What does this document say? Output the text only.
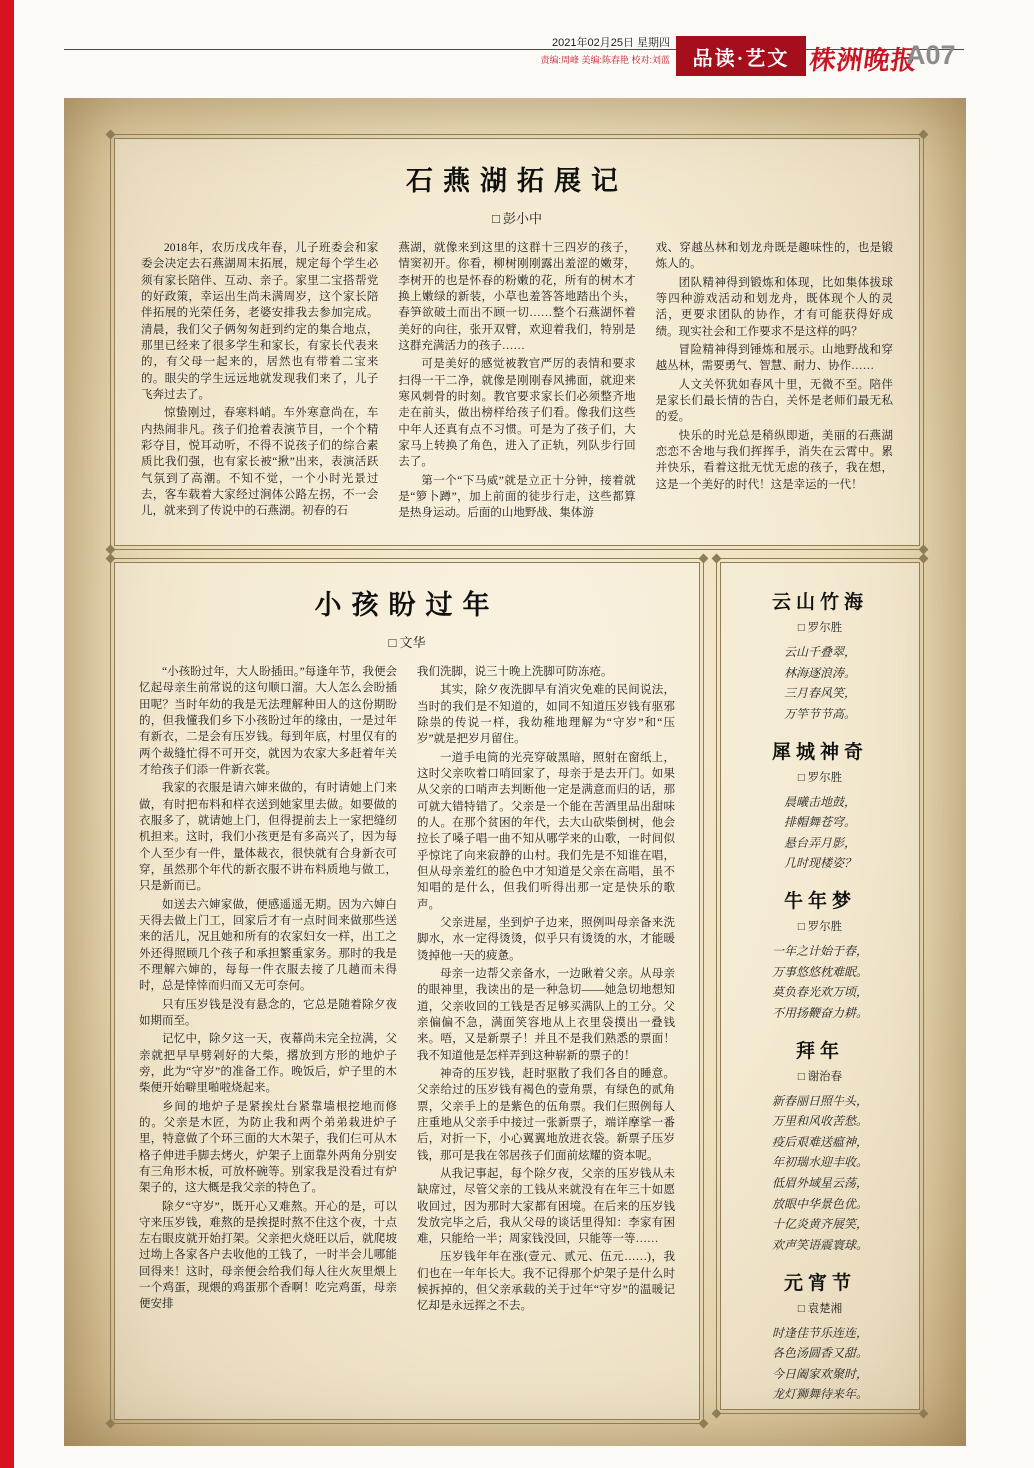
2021年02月25日 星期四
责编:周峰 美编:陈春艳 校对:刘蓝	品读·艺文 株洲晚报
A07
石燕湖拓展记
□ 彭小中

2018年，农历戊戌年春，儿子班委会和家委会决定去石燕湖周末拓展，规定每个学生必须有家长陪伴、互动、亲子。家里二宝搭帮党的好政策，幸运出生尚未满周岁，这个家长陪伴拓展的光荣任务，老婆安排我去参加完成。清晨，我们父子俩匆匆赶到约定的集合地点，那里已经来了很多学生和家长，有家长代表来的，有父母一起来的，居然也有带着二宝来的。眼尖的学生远远地就发现我们来了，儿子飞奔过去了。

惊蛰刚过，春寒料峭。车外寒意尚在，车内热闹非凡。孩子们抢着表演节目，一个个精彩夺目，悦耳动听，不得不说孩子们的综合素质比我们强，也有家长被“揪”出来，表演活跃气氛到了高潮。不知不觉，一个小时光景过去，客车载着大家经过涧体公路左拐，不一会儿，就来到了传说中的石燕湖。初春的石

燕湖，就像来到这里的这群十三四岁的孩子，情窦初开。你看，柳树刚刚露出羞涩的嫩芽，李树开的也是怀春的粉嫩的花，所有的树木才换上嫩绿的新装，小草也羞答答地踏出个头，春笋欲破土而出不顾一切……整个石燕湖怀着美好的向往，张开双臂，欢迎着我们，特别是这群充满活力的孩子……

可是美好的感觉被教官严厉的表情和要求扫得一干二净，就像是刚刚春风拂面，就迎来寒风刺骨的时刻。教官要求家长们必须整齐地走在前头，做出榜样给孩子们看。像我们这些中年人还真有点不习惯。可是为了孩子们，大家马上转换了角色，进入了正轨，列队步行回去了。

第一个“下马威”就是立正十分钟，接着就是“箩卜蹲”，加上前面的徒步行走，这些都算是热身运动。后面的山地野战、集体游

戏、穿越丛林和划龙舟既是趣味性的，也是锻炼人的。

团队精神得到锻炼和体现，比如集体拔球等四种游戏活动和划龙舟，既体现个人的灵活，更要求团队的协作，才有可能获得好成绩。现实社会和工作要求不是这样的吗？

冒险精神得到锤炼和展示。山地野战和穿越丛林，需要勇气、智慧、耐力、协作……

人文关怀犹如春风十里，无微不至。陪伴是家长们最长情的告白，关怀是老师们最无私的爱。

快乐的时光总是稍纵即逝，美丽的石燕湖恋恋不舍地与我们挥挥手，消失在云霄中。累并快乐，看着这批无忧无虑的孩子，我在想，这是一个美好的时代！这是幸运的一代！

小孩盼过年
□ 文华

“小孩盼过年，大人盼插田。”每逢年节，我便会忆起母亲生前常说的这句顺口溜。大人怎么会盼插田呢？当时年幼的我是无法理解种田人的这份期盼的，但我懂我们乡下小孩盼过年的缘由，一是过年有新衣，二是会有压岁钱。每到年底，村里仅有的两个裁缝忙得不可开交，就因为农家大多赶着年关才给孩子们添一件新衣裳。

我家的衣服是请六婶来做的，有时请她上门来做，有时把布料和样衣送到她家里去做。如要做的衣服多了，就请她上门，但得提前去上一家把缝纫机担来。这时，我们小孩更是有多高兴了，因为每个人至少有一件，量体裁衣，很快就有合身新衣可穿，虽然那个年代的新衣服不讲布料质地与做工，只是新而已。

如送去六婶家做，便感遥遥无期。因为六婶白天得去做上门工，回家后才有一点时间来做那些送来的活儿，况且她和所有的农家妇女一样，出工之外还得照顾几个孩子和承担繁重家务。那时的我是不理解六婶的，每每一件衣服去接了几趟而未得时，总是悻悻而归而又无可奈何。

只有压岁钱是没有悬念的，它总是随着除夕夜如期而至。

记忆中，除夕这一天，夜幕尚未完全拉满，父亲就把早早劈剁好的大柴，撂放到方形的地炉子旁，此为“守岁”的准备工作。晚饭后，炉子里的木柴便开始噼里啪啦烧起来。

乡间的地炉子是紧挨灶台紧靠墙根挖地而修的。父亲是木匠，为防止我和两个弟弟栽进炉子里，特意做了个环三面的大木架子，我们仨可从木格子伸进手脚去烤火，炉架子上面靠外两角分别安有三角形木板，可放杯碗等。别家我是没看过有炉架子的，这大概是我父亲的特色了。

除夕“守岁”，既开心又难熬。开心的是，可以守来压岁钱，难熬的是挨提时熬不住这个夜，十点左右眼皮就开始打架。父亲把火烧旺以后，就爬坡过坳上各家各户去收他的工钱了，一时半会儿哪能回得来！这时，母亲便会给我们每人往火灰里煨上一个鸡蛋，现煨的鸡蛋那个香啊！吃完鸡蛋，母亲便安排

我们洗脚，说三十晚上洗脚可防冻疮。

其实，除夕夜洗脚早有消灾免难的民间说法，当时的我们是不知道的，如同不知道压岁钱有驱邪除祟的传说一样，我幼稚地理解为“守岁”和“压岁”就是把岁月留住。

一道手电筒的光亮穿破黑暗，照射在窗纸上，这时父亲吹着口哨回家了，母亲于是去开门。如果从父亲的口哨声去判断他一定是满意而归的话，那可就大错特错了。父亲是一个能在苦酒里品出甜味的人。在那个贫困的年代，去大山砍柴倒树，他会拉长了嗓子唱一曲不知从哪学来的山歌，一时间似乎惊诧了向来寂静的山村。我们先是不知谁在唱，但从母亲羞红的脸色中才知道是父亲在高唱，虽不知唱的是什么，但我们听得出那一定是快乐的歌声。

父亲进屋，坐到炉子边来，照例叫母亲备来洗脚水，水一定得烫烫，似乎只有烫烫的水，才能暖烫掉他一天的疲惫。

母亲一边帮父亲备水，一边瞅着父亲。从母亲的眼神里，我读出的是一种急切——她急切地想知道，父亲收回的工钱是否足够买满队上的工分。父亲偏偏不急，满面笑容地从上衣里袋摸出一叠钱来。唔，又是新票子！并且不是我们熟悉的票面！我不知道他是怎样弄到这种崭新的票子的！

神奇的压岁钱，赶时驱散了我们各自的睡意。父亲给过的压岁钱有褐色的壹角票，有绿色的贰角票，父亲手上的是紫色的伍角票。我们仨照例每人庄重地从父亲手中接过一张新票子，端详摩挲一番后，对折一下，小心翼翼地放进衣袋。新票子压岁钱，那可是我在邻居孩子们面前炫耀的资本呢。

从我记事起，每个除夕夜，父亲的压岁钱从未缺席过，尽管父亲的工钱从来就没有在年三十如愿收回过，因为那时大家都有困境。在后来的压岁钱发放完毕之后，我从父母的谈话里得知：李家有困难，只能给一半；周家钱没回，只能等一等……

压岁钱年年在涨(壹元、贰元、伍元……)，我们也在一年年长大。我不记得那个炉架子是什么时候拆掉的，但父亲承载的关于过年“守岁”的温暖记忆却是永远挥之不去。

云山竹海
□ 罗尔胜
云山千叠翠，
林海逐浪涛。
三月春风笑，
万竿节节高。
犀城神奇
□ 罗尔胜
晨曦击地鼓，
排帽舞苍穹。
悬台弄月影，
几时现楼姿？
牛年梦
□ 罗尔胜
一年之计始于春，
万事悠悠枕难眠。
莫负春光欢万顷，
不用扬鞭奋力耕。
拜年
□ 谢治春
新春丽日照牛头，
万里和风收苦愁。
疫后艰难送瘟神，
年初瑞水迎丰收。
低眉外域星云荡，
放眼中华景色优。
十亿炎黄齐展笑，
欢声笑语震寰球。
元宵节
□ 袁楚湘
时逢佳节乐连连，
各色汤圆香又甜。
今日阖家欢聚时，
龙灯狮舞待来年。
